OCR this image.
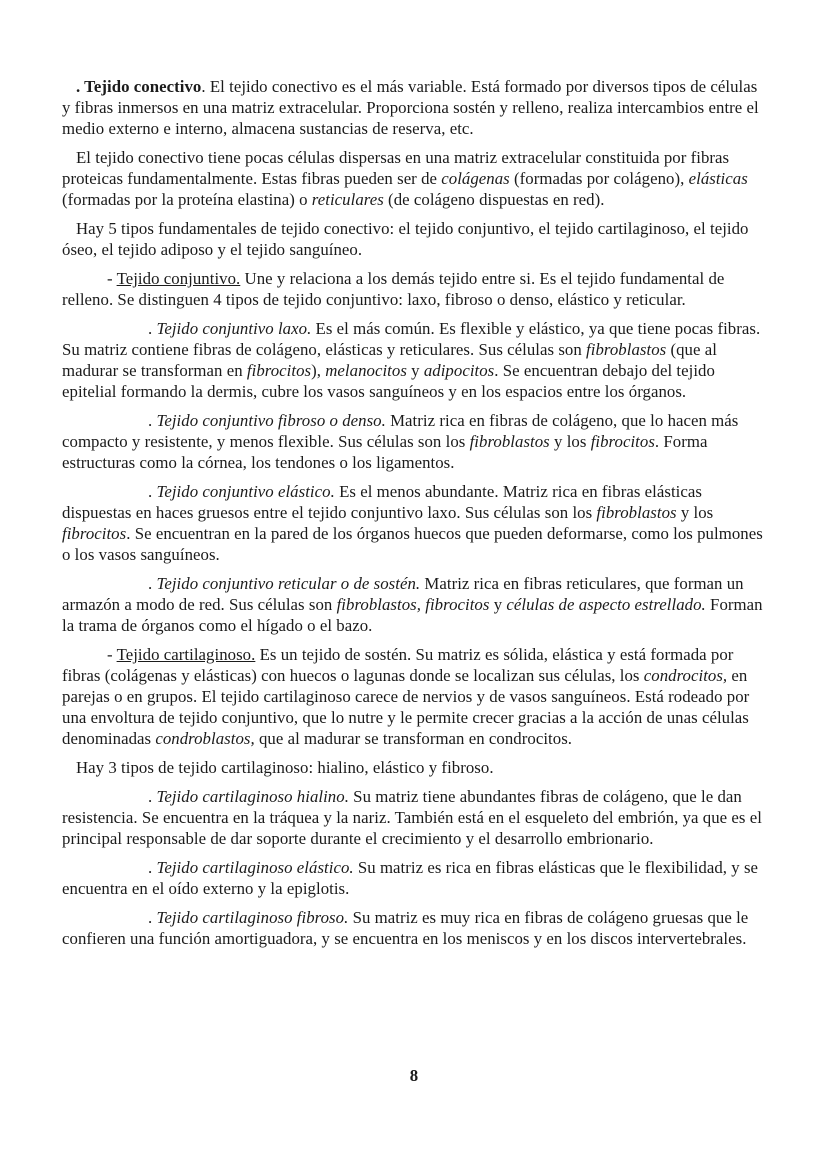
. Tejido conectivo. El tejido conectivo es el más variable. Está formado por diversos tipos de células y fibras inmersos en una matriz extracelular. Proporciona sostén y relleno, realiza intercambios entre el medio externo e interno, almacena sustancias de reserva, etc.

El tejido conectivo tiene pocas células dispersas en una matriz extracelular constituida por fibras proteicas fundamentalmente. Estas fibras pueden ser de colágenas (formadas por colágeno), elásticas (formadas por la proteína elastina) o reticulares (de colágeno dispuestas en red).

Hay 5 tipos fundamentales de tejido conectivo: el tejido conjuntivo, el tejido cartilaginoso, el tejido óseo, el tejido adiposo y el tejido sanguíneo.

- Tejido conjuntivo. Une y relaciona a los demás tejido entre si. Es el tejido fundamental de relleno. Se distinguen 4 tipos de tejido conjuntivo: laxo, fibroso o denso, elástico y reticular.

. Tejido conjuntivo laxo. Es el más común. Es flexible y elástico, ya que tiene pocas fibras. Su matriz contiene fibras de colágeno, elásticas y reticulares. Sus células son fibroblastos (que al madurar se transforman en fibrocitos), melanocitos y adipocitos. Se encuentran debajo del tejido epitelial formando la dermis, cubre los vasos sanguíneos y en los espacios entre los órganos.

. Tejido conjuntivo fibroso o denso. Matriz rica en fibras de colágeno, que lo hacen más compacto y resistente, y menos flexible. Sus células son los fibroblastos y los fibrocitos. Forma estructuras como la córnea, los tendones o los ligamentos.

. Tejido conjuntivo elástico. Es el menos abundante. Matriz rica en fibras elásticas dispuestas en haces gruesos entre el tejido conjuntivo laxo. Sus células son los fibroblastos y los fibrocitos. Se encuentran en la pared de los órganos huecos que pueden deformarse, como los pulmones o los vasos sanguíneos.

. Tejido conjuntivo reticular o de sostén. Matriz rica en fibras reticulares, que forman un armazón a modo de red. Sus células son fibroblastos, fibrocitos y células de aspecto estrellado. Forman la trama de órganos como el hígado o el bazo.

- Tejido cartilaginoso. Es un tejido de sostén. Su matriz es sólida, elástica y está formada por fibras (colágenas y elásticas) con huecos o lagunas donde se localizan sus células, los condrocitos, en parejas o en grupos. El tejido cartilaginoso carece de nervios y de vasos sanguíneos. Está rodeado por una envoltura de tejido conjuntivo, que lo nutre y le permite crecer gracias a la acción de unas células denominadas condroblastos, que al madurar se transforman en condrocitos.

Hay 3 tipos de tejido cartilaginoso: hialino, elástico y fibroso.

. Tejido cartilaginoso hialino. Su matriz tiene abundantes fibras de colágeno, que le dan resistencia. Se encuentra en la tráquea y la nariz. También está en el esqueleto del embrión, ya que es el principal responsable de dar soporte durante el crecimiento y el desarrollo embrionario.

. Tejido cartilaginoso elástico. Su matriz es rica en fibras elásticas que le flexibilidad, y se encuentra en el oído externo y la epiglotis.

. Tejido cartilaginoso fibroso. Su matriz es muy rica en fibras de colágeno gruesas que le confieren una función amortiguadora, y se encuentra en los meniscos y en los discos intervertebrales.

8
